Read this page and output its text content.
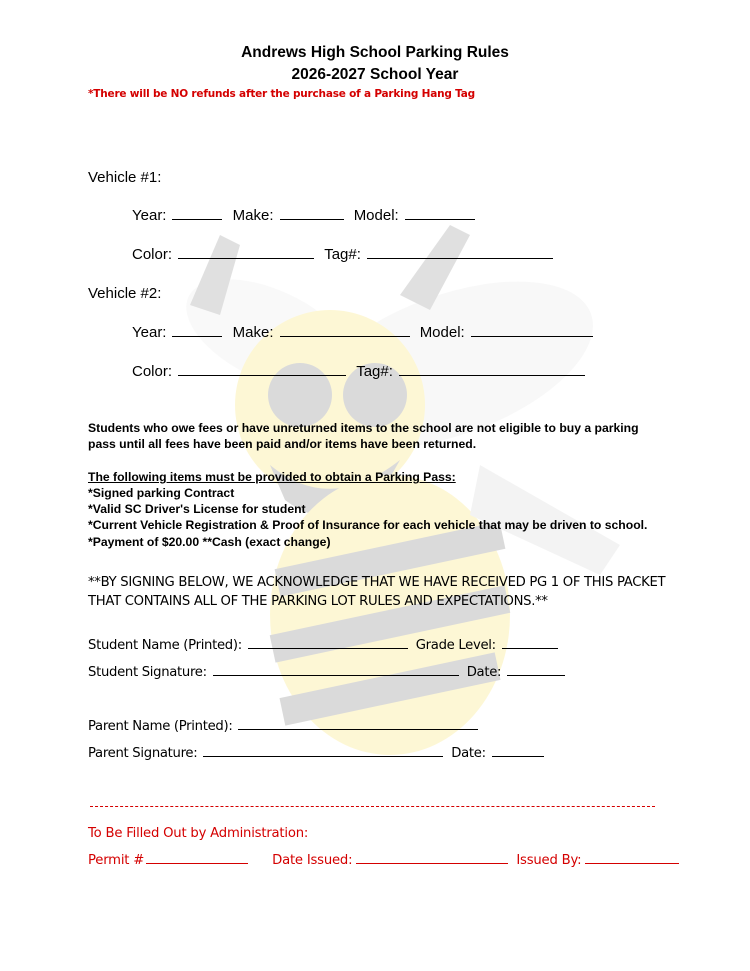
Andrews High School Parking Rules
2026-2027 School Year
*There will be NO refunds after the purchase of a Parking Hang Tag
Vehicle #1:
Year:	Make:	Model:
Color:	Tag#:
Vehicle #2:
Year:	Make:	Model:
Color:	Tag#:
Students who owe fees or have unreturned items to the school are not eligible to buy a parking
pass until all fees have been paid and/or items have been returned.
The following items must be provided to obtain a Parking Pass:
*Signed parking Contract
*Valid SC Driver's License for student
*Current Vehicle Registration & Proof of Insurance for each vehicle that may be driven to school.
*Payment of $20.00 **Cash (exact change)
**BY SIGNING BELOW, WE ACKNOWLEDGE THAT WE HAVE RECEIVED PG 1 OF THIS PACKET
THAT CONTAINS ALL OF THE PARKING LOT RULES AND EXPECTATIONS.**
Student Name (Printed):	Grade Level:
Student Signature:	Date:
Parent Name (Printed):
Parent Signature:	Date:
To Be Filled Out by Administration:
Permit #	Date Issued:	Issued By:
